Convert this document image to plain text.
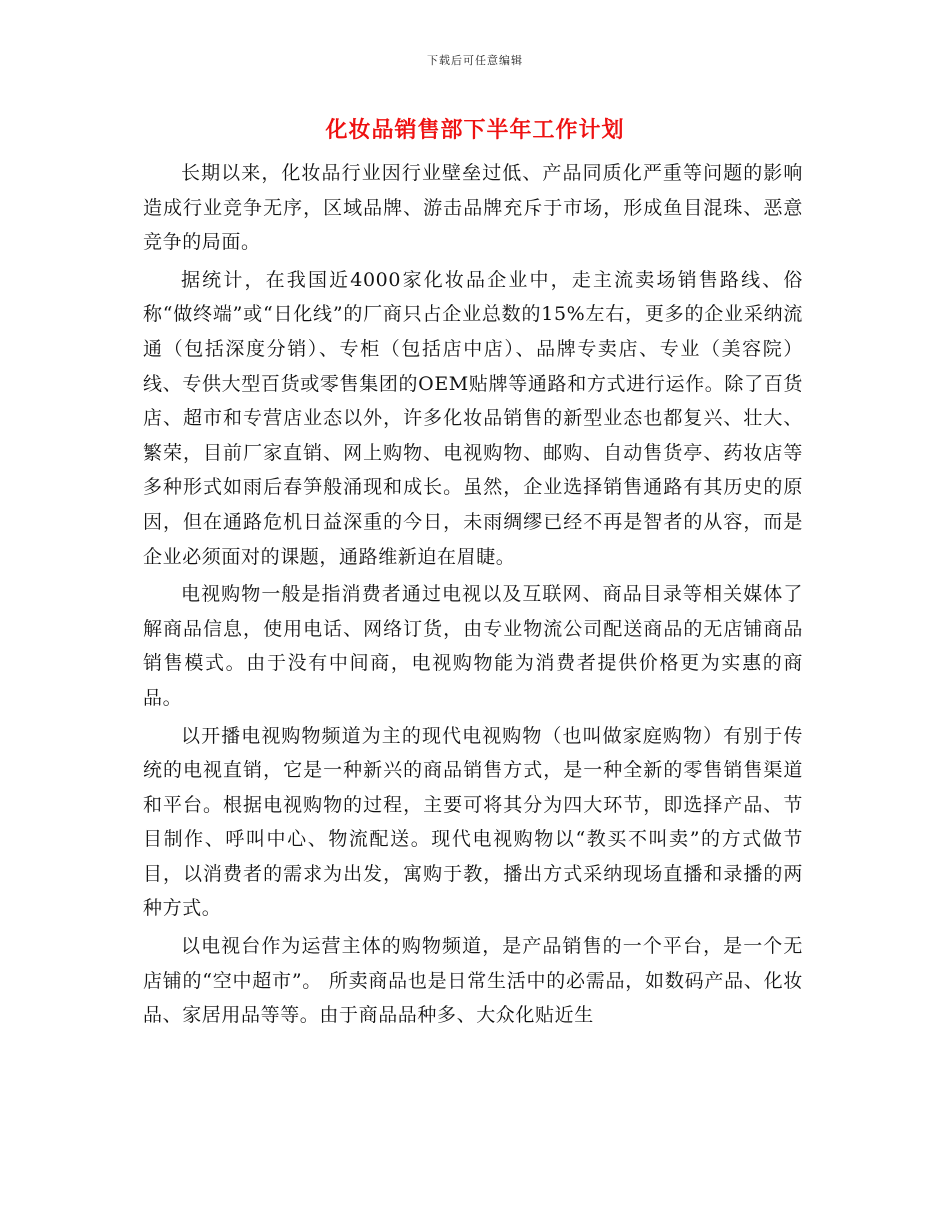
下载后可任意编辑
化妆品销售部下半年工作计划

长期以来，化妆品行业因行业壁垒过低、产品同质化严重等问题的影响造成行业竞争无序，区域品牌、游击品牌充斥于市场，形成鱼目混珠、恶意竞争的局面。

据统计，在我国近4000家化妆品企业中，走主流卖场销售路线、俗称“做终端”或“日化线”的厂商只占企业总数的15%左右，更多的企业采纳流通（包括深度分销）、专柜（包括店中店）、品牌专卖店、专业（美容院）线、专供大型百货或零售集团的OEM贴牌等通路和方式进行运作。除了百货店、超市和专营店业态以外，许多化妆品销售的新型业态也都复兴、壮大、繁荣，目前厂家直销、网上购物、电视购物、邮购、自动售货亭、药妆店等多种形式如雨后春笋般涌现和成长。虽然，企业选择销售通路有其历史的原因，但在通路危机日益深重的今日，未雨绸缪已经不再是智者的从容，而是企业必须面对的课题，通路维新迫在眉睫。

电视购物一般是指消费者通过电视以及互联网、商品目录等相关媒体了解商品信息，使用电话、网络订货，由专业物流公司配送商品的无店铺商品销售模式。由于没有中间商，电视购物能为消费者提供价格更为实惠的商品。

以开播电视购物频道为主的现代电视购物（也叫做家庭购物）有别于传统的电视直销，它是一种新兴的商品销售方式，是一种全新的零售销售渠道和平台。根据电视购物的过程，主要可将其分为四大环节，即选择产品、节目制作、呼叫中心、物流配送。现代电视购物以“教买不叫卖”的方式做节目，以消费者的需求为出发，寓购于教，播出方式采纳现场直播和录播的两种方式。

以电视台作为运营主体的购物频道，是产品销售的一个平台，是一个无店铺的“空中超市”。 所卖商品也是日常生活中的必需品，如数码产品、化妆品、家居用品等等。由于商品品种多、大众化贴近生
